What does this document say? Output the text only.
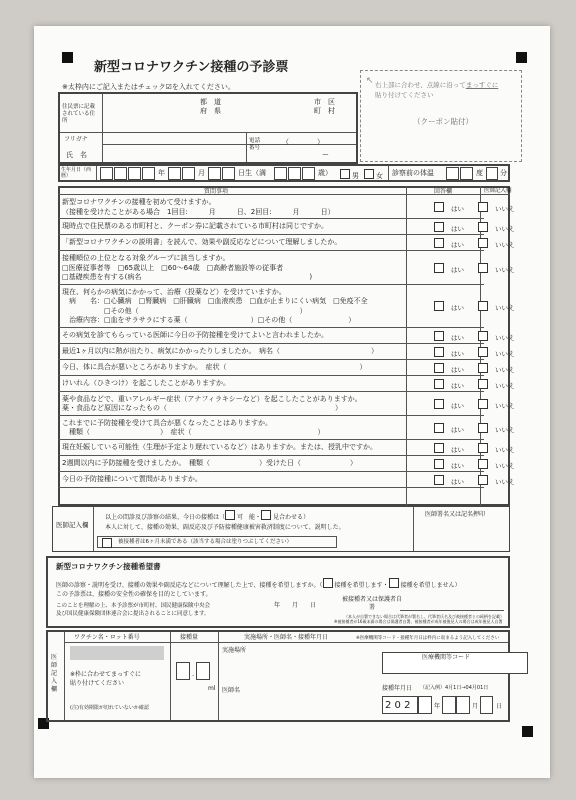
新型コロナワクチン接種の予診票
※太枠内にご記入またはチェック☑を入れてください。
↖ 右上部に合わせ、点線に沿ってまっすぐに
貼り付けてください
（クーポン貼付）
住民票に記載されている住所
都　道
府　県
市　区
町　村
フリガナ
氏　名
電話番号
（　　　　）
ー
生年月日（西暦）	年	月	日生（満	歳）	男	女 診察前の体温	度 分
質問事項	回答欄	医師記入欄
新型コロナワクチンの接種を初めて受けますか。
（接種を受けたことがある場合　1回目:　　　月　　　日、2回目:　　　月　　　日）	はい	いいえ
現時点で住民票のある市町村と、クーポン券に記載されている市町村は同じですか。	はい	いいえ
「新型コロナワクチンの説明書」を読んで、効果や副反応などについて理解しましたか。	はい	いいえ
接種順位の上位となる対象グループに該当しますか。
□医療従事者等　□65歳以上　□60～64歳　□高齢者施設等の従事者
□基礎疾患を有する(病名　　　　　　　　　　　　　　　　　　　　　　　　)
はい	いいえ
現在、何らかの病気にかかって、治療（投薬など）を受けていますか。
　病　　名：□心臓病　□腎臓病　□肝臓病　□血液疾患　□血が止まりにくい病気　□免疫不全
　　　　　　□その他（　　　　　　　　　　　　　　　　　　　　　　　）
　治療内容：□血をサラサラにする薬（　　　　　　　　　）□その他（　　　　　　　　）
はい	いいえ
その病気を診てもらっている医師に今日の予防接種を受けてよいと言われましたか。	はい	いいえ
最近1ヶ月以内に熱が出たり、病気にかかったりしましたか。　病名（　　　　　　　　　　　　　）	はい	いいえ
今日、体に具合が悪いところがありますか。　症状（　　　　　　　　　　　　　　　　　　　）	はい	いいえ
けいれん（ひきつけ）を起こしたことがありますか。	はい	いいえ
薬や食品などで、重いアレルギー症状（アナフィラキシーなど）を起こしたことがありますか。
薬・食品など原因になったもの（　　　　　　　　　　　　　　　　　　　　　　　　）	はい	いいえ
これまでに予防接種を受けて具合が悪くなったことはありますか。
　種類（　　　　　　　　　　）　症状（　　　　　　　　　　　　　　　　　　）	はい	いいえ
現在妊娠している可能性（生理が予定より遅れているなど）はありますか。または、授乳中ですか。	はい	いいえ
2週間以内に予防接種を受けましたか。　種類（　　　　　　　）受けた日（　　　　　　　）	はい	いいえ
今日の予防接種について質問がありますか。	はい	いいえ
医師記入欄
以上の問診及び診察の結果、今日の接種は（ 可　能・ 見合わせる）
本人に対して、接種の効果、副反応及び予防接種健康被害救済制度について、説明した。
被接種者は6ヶ月未満である（該当する場合は塗りつぶしてください）
医師署名又は記名押印
新型コロナワクチン接種希望書
医師の診察・説明を受け、接種の効果や副反応などについて理解した上で、接種を希望しますか。（ 接種を希望します・ 接種を希望しません）
この予診票は、接種の安全性の確保を目的としています。
このことを理解の上、本予診票が市町村、国民健康保険中央会
及び国民健康保険団体連合会に提出されることに同意します。
年　　月　　日
被接種者又は保護者自署
（本人が自署できない場合は代筆者が署名し、代筆者氏名及び被接種者との続柄を記載）
※被接種者が16歳未満の場合は保護者自署、被接種者が成年被後見人の場合は成年後見人自署
医師記入欄
ワクチン名・ロット番号	接種量	実施場所・医師名・接種年月日	※医療機関等コード・接種年月日は枠内に収まるよう記入してください
※枠に合わせてまっすぐに
貼り付けてください
(注)有効期限が切れていないか確認
.
ml
実施場所
医師名
医療機関等コード
接種年月日 （記入例）4月1日→04月01日
2 0 2	年	月	日
